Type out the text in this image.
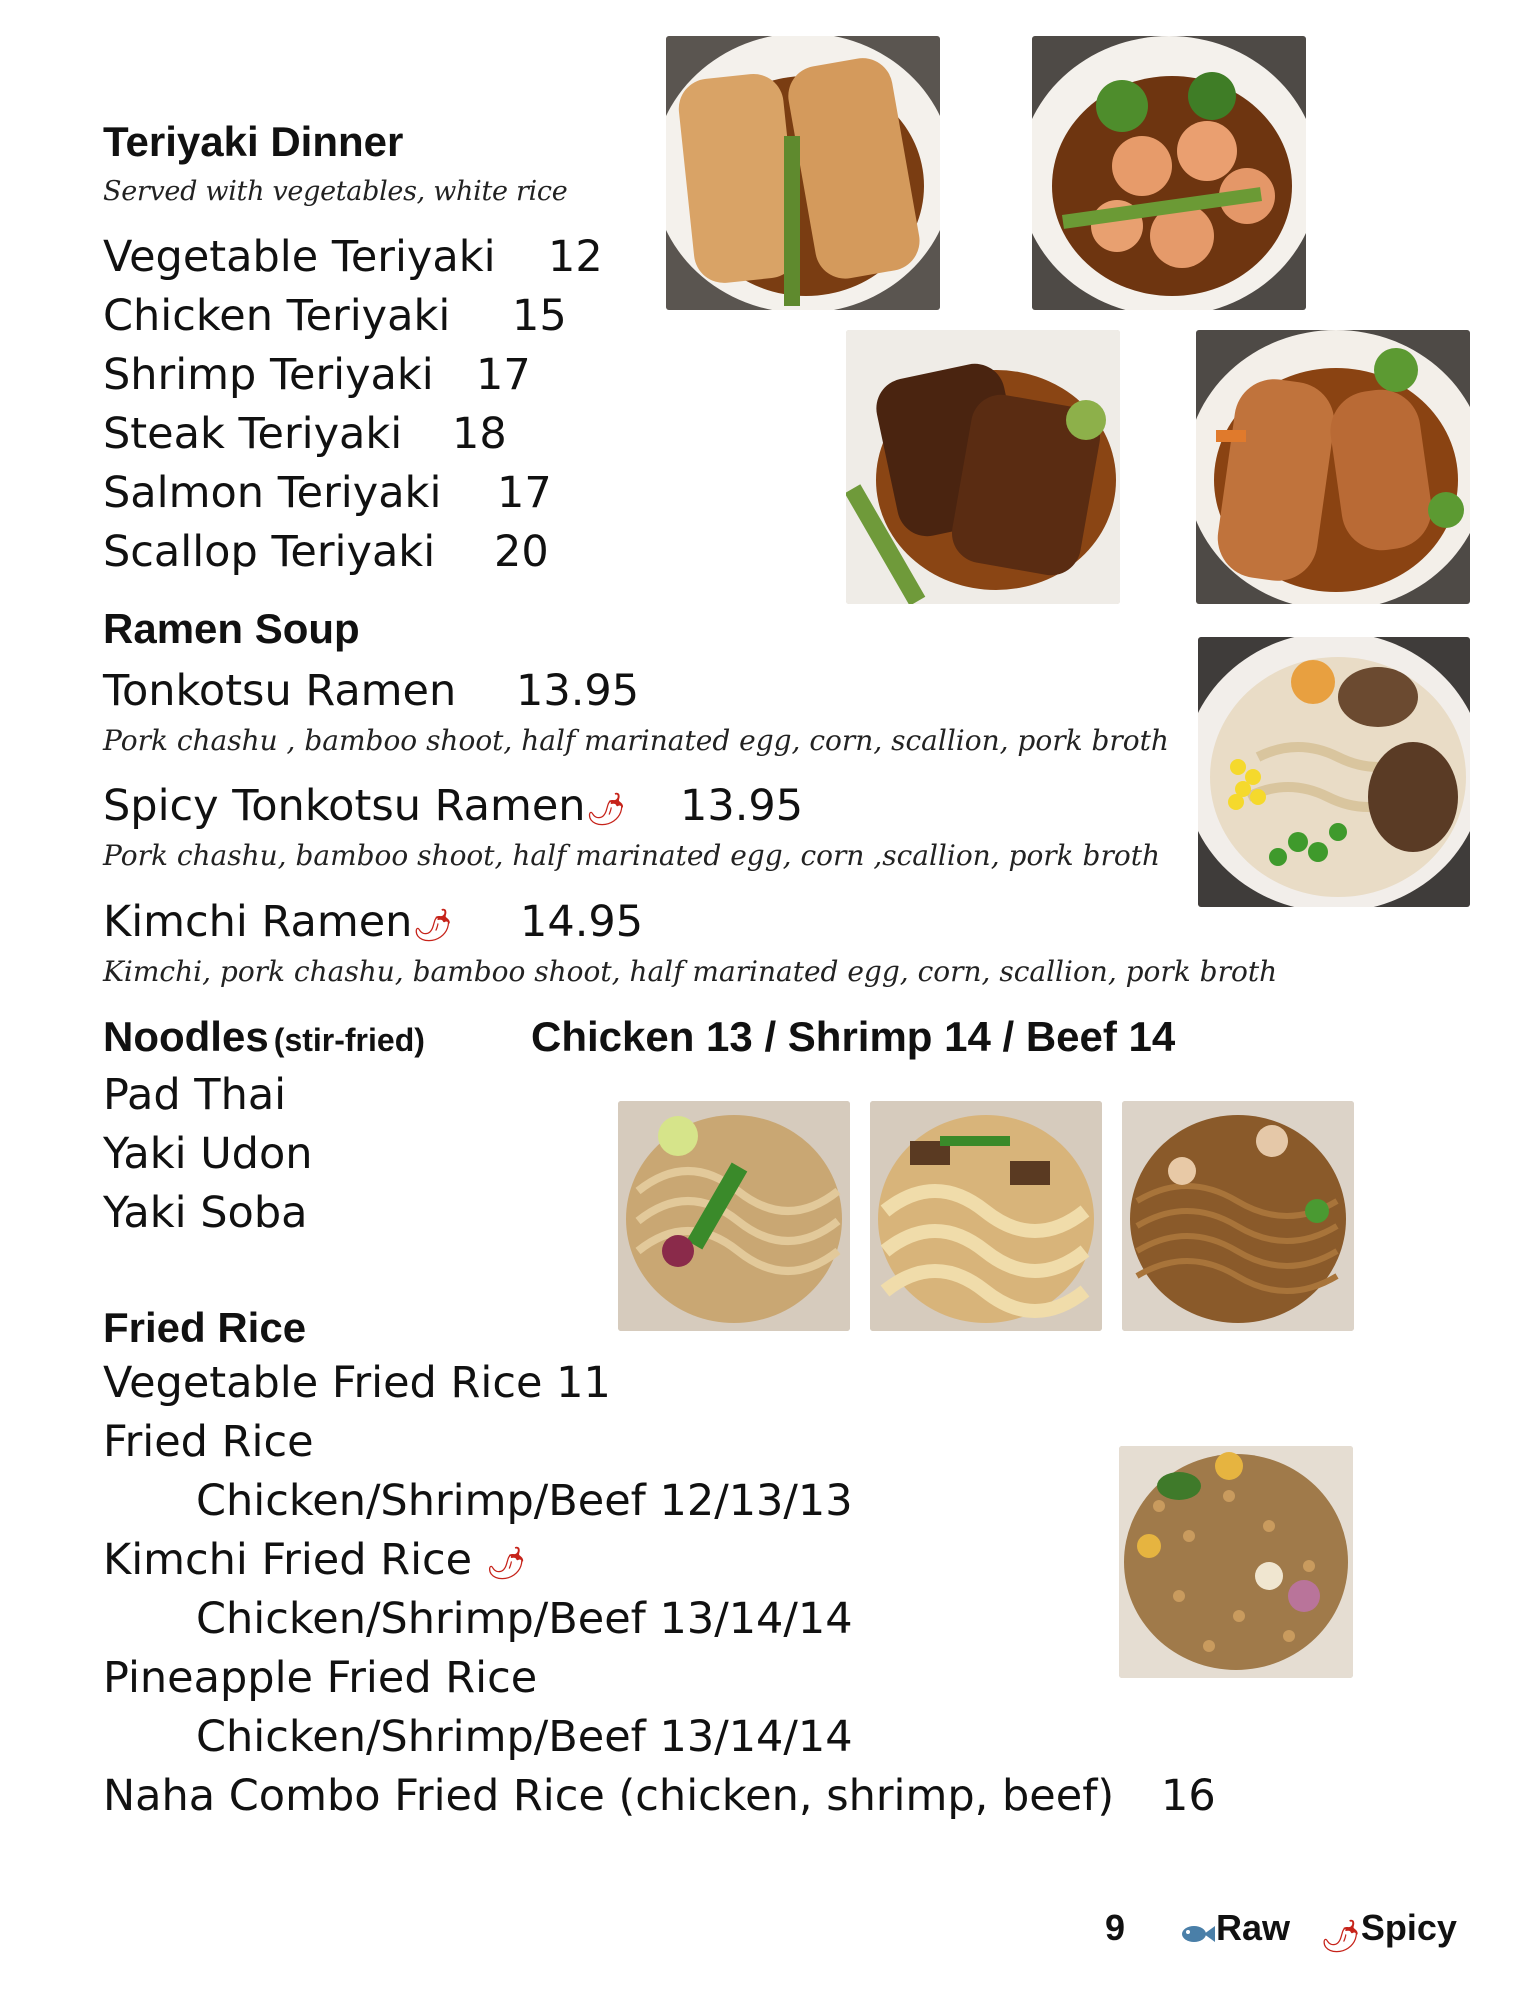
Teriyaki Dinner
Served with vegetables, white rice
Vegetable Teriyaki 12
Chicken Teriyaki 15
Shrimp Teriyaki 17
Steak Teriyaki 18
Salmon Teriyaki 17
Scallop Teriyaki 20
Ramen Soup
Tonkotsu Ramen 13.95
Pork chashu , bamboo shoot, half marinated egg, corn, scallion, pork broth
Spicy Tonkotsu Ramen🌶 13.95
Pork chashu, bamboo shoot, half marinated egg, corn ,scallion, pork broth
Kimchi Ramen🌶 14.95
Kimchi, pork chashu, bamboo shoot, half marinated egg, corn, scallion, pork broth
Noodles (stir-fried)	Chicken 13 / Shrimp 14 / Beef 14
Pad Thai
Yaki Udon
Yaki Soba
Fried Rice
Vegetable Fried Rice 11
Fried Rice
Chicken/Shrimp/Beef 12/13/13
Kimchi Fried Rice 🌶
Chicken/Shrimp/Beef 13/14/14
Pineapple Fried Rice
Chicken/Shrimp/Beef 13/14/14
Naha Combo Fried Rice (chicken, shrimp, beef) 16
9	Raw 🌶Spicy
